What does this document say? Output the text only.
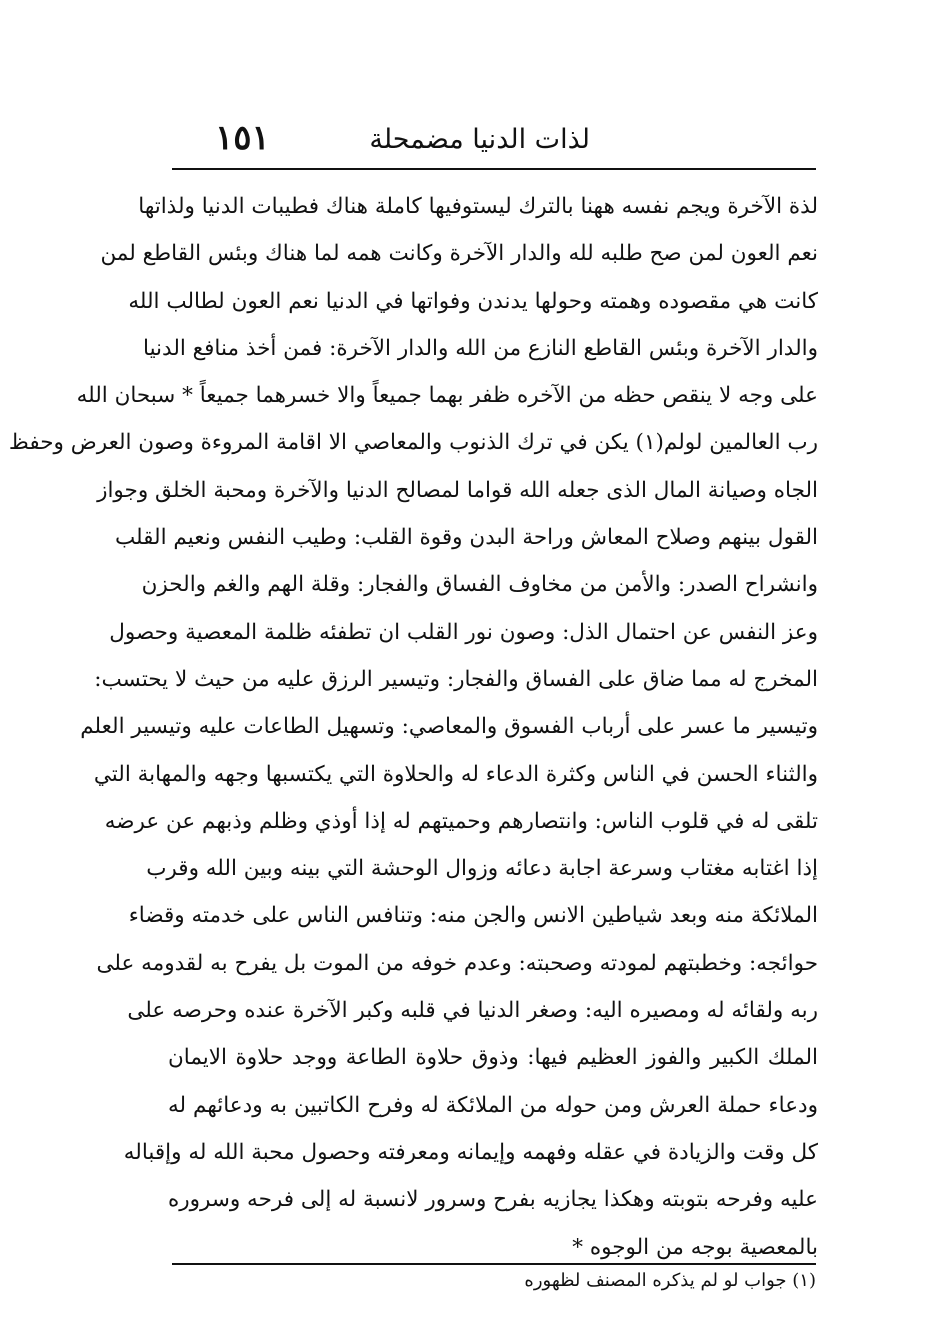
لذات الدنيا مضمحلة
١٥١
لذة الآخرة ويجم نفسه ههنا بالترك ليستوفيها كاملة هناك فطيبات الدنيا ولذاتها
نعم العون لمن صح طلبه لله والدار الآخرة وكانت همه لما هناك وبئس القاطع لمن
كانت هي مقصوده وهمته وحولها يدندن وفواتها في الدنيا نعم العون لطالب الله
والدار الآخرة وبئس القاطع النازع من الله والدار الآخرة: فمن أخذ منافع الدنيا
على وجه لا ينقص حظه من الآخره ظفر بهما جميعاً والا خسرهما جميعاً * سبحان الله
رب العالمين لولم(١) يكن في ترك الذنوب والمعاصي الا اقامة المروءة وصون العرض وحفظ
الجاه وصيانة المال الذى جعله الله قواما لمصالح الدنيا والآخرة ومحبة الخلق وجواز
القول بينهم وصلاح المعاش وراحة البدن وقوة القلب: وطيب النفس ونعيم القلب
وانشراح الصدر: والأمن من مخاوف الفساق والفجار: وقلة الهم والغم والحزن
وعز النفس عن احتمال الذل: وصون نور القلب ان تطفئه ظلمة المعصية وحصول
المخرج له مما ضاق على الفساق والفجار: وتيسير الرزق عليه من حيث لا يحتسب:
وتيسير ما عسر على أرباب الفسوق والمعاصي: وتسهيل الطاعات عليه وتيسير العلم
والثناء الحسن في الناس وكثرة الدعاء له والحلاوة التي يكتسبها وجهه والمهابة التي
تلقى له في قلوب الناس: وانتصارهم وحميتهم له إذا أوذي وظلم وذبهم عن عرضه
إذا اغتابه مغتاب وسرعة اجابة دعائه وزوال الوحشة التي بينه وبين الله وقرب
الملائكة منه وبعد شياطين الانس والجن منه: وتنافس الناس على خدمته وقضاء
حوائجه: وخطبتهم لمودته وصحبته: وعدم خوفه من الموت بل يفرح به لقدومه على
ربه ولقائه له ومصيره اليه: وصغر الدنيا في قلبه وكبر الآخرة عنده وحرصه على
الملك الكبير والفوز العظيم فيها: وذوق حلاوة الطاعة ووجد حلاوة الايمان
ودعاء حملة العرش ومن حوله من الملائكة له وفرح الكاتبين به ودعائهم له
كل وقت والزيادة في عقله وفهمه وإيمانه ومعرفته وحصول محبة الله له وإقباله
عليه وفرحه بتوبته وهكذا يجازيه بفرح وسرور لانسبة له إلى فرحه وسروره
بالمعصية بوجه من الوجوه *
(١) جواب لو لم يذكره المصنف لظهوره
